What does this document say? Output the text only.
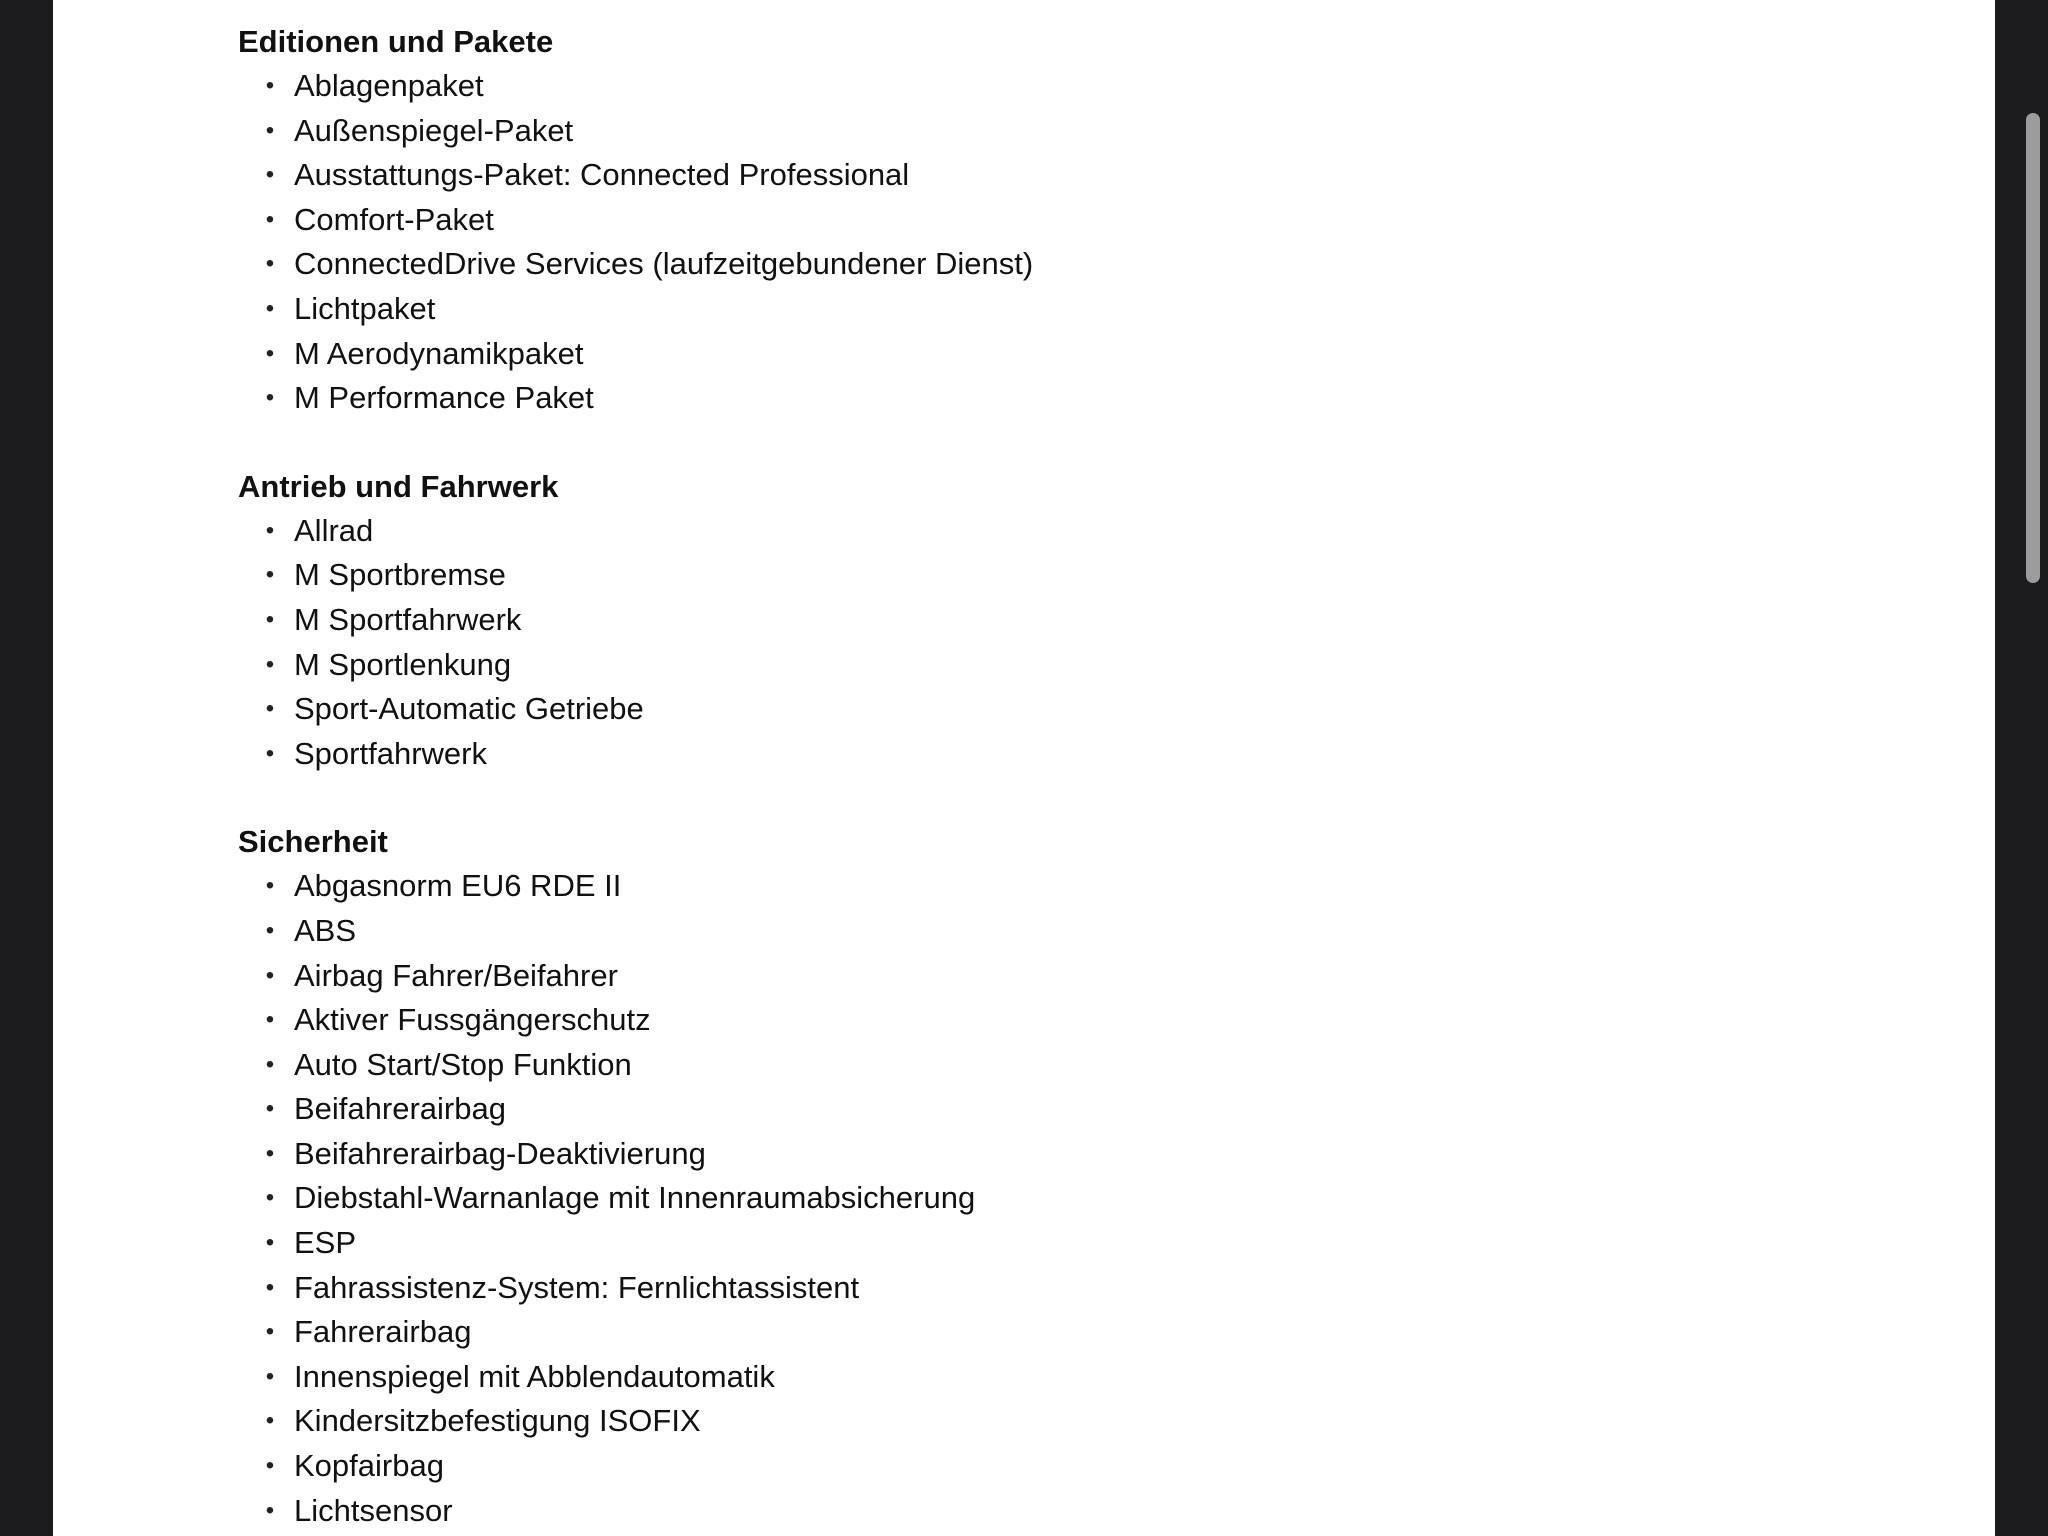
Editionen und Pakete
• Ablagenpaket
• Außenspiegel-Paket
• Ausstattungs-Paket: Connected Professional
• Comfort-Paket
• ConnectedDrive Services (laufzeitgebundener Dienst)
• Lichtpaket
• M Aerodynamikpaket
• M Performance Paket
Antrieb und Fahrwerk
• Allrad
• M Sportbremse
• M Sportfahrwerk
• M Sportlenkung
• Sport-Automatic Getriebe
• Sportfahrwerk
Sicherheit
• Abgasnorm EU6 RDE II
• ABS
• Airbag Fahrer/Beifahrer
• Aktiver Fussgängerschutz
• Auto Start/Stop Funktion
• Beifahrerairbag
• Beifahrerairbag-Deaktivierung
• Diebstahl-Warnanlage mit Innenraumabsicherung
• ESP
• Fahrassistenz-System: Fernlichtassistent
• Fahrerairbag
• Innenspiegel mit Abblendautomatik
• Kindersitzbefestigung ISOFIX
• Kopfairbag
• Lichtsensor
